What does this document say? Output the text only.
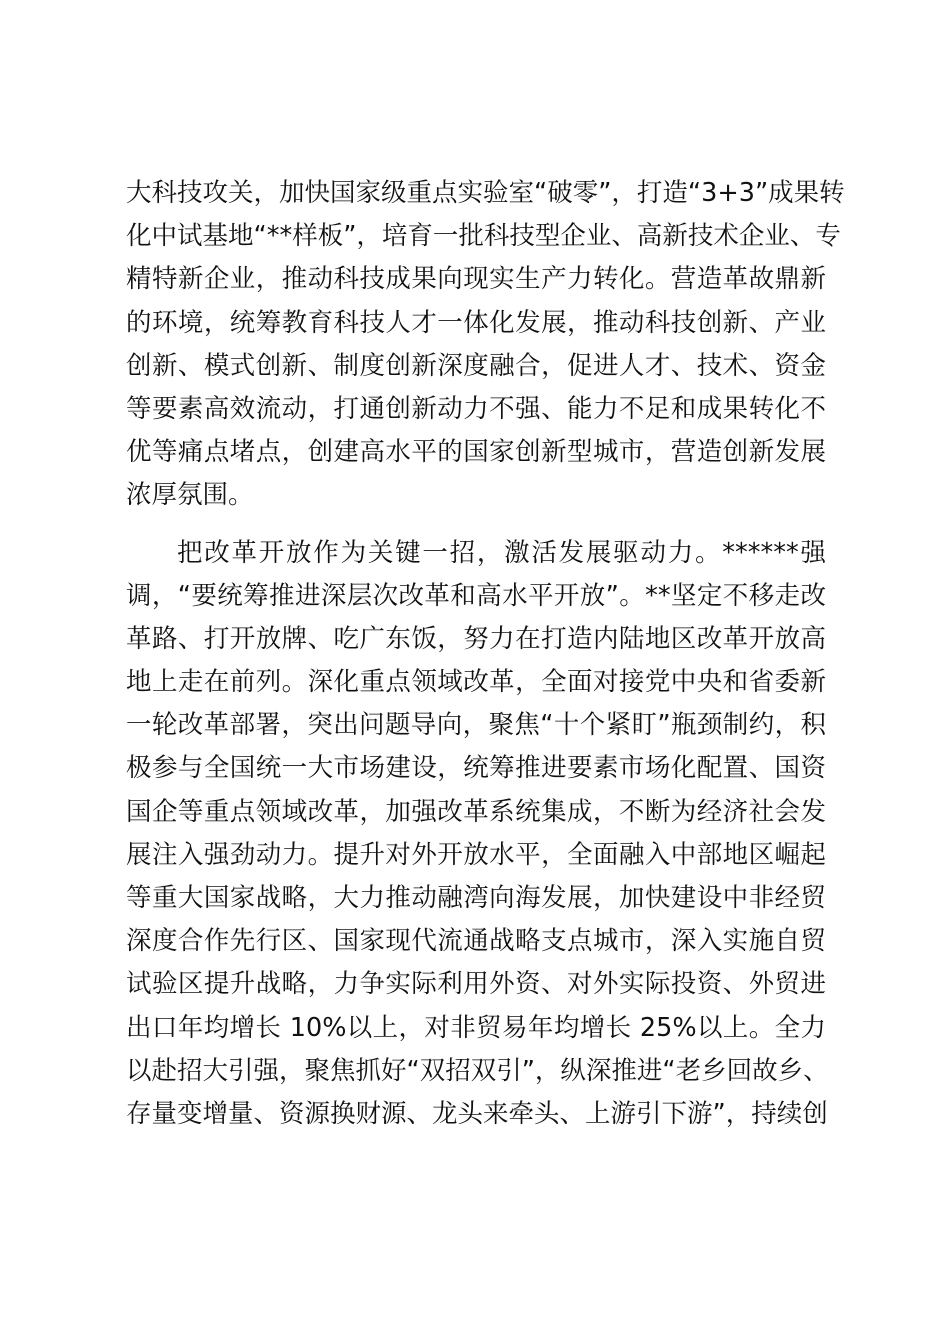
大科技攻关，加快国家级重点实验室“破零”，打造“3+3”成果转
化中试基地“**样板”，培育一批科技型企业、高新技术企业、专
精特新企业，推动科技成果向现实生产力转化。营造革故鼎新
的环境，统筹教育科技人才一体化发展，推动科技创新、产业
创新、模式创新、制度创新深度融合，促进人才、技术、资金
等要素高效流动，打通创新动力不强、能力不足和成果转化不
优等痛点堵点，创建高水平的国家创新型城市，营造创新发展
浓厚氛围。
把改革开放作为关键一招，激活发展驱动力。******强
调，“要统筹推进深层次改革和高水平开放”。**坚定不移走改
革路、打开放牌、吃广东饭，努力在打造内陆地区改革开放高
地上走在前列。深化重点领域改革，全面对接党中央和省委新
一轮改革部署，突出问题导向，聚焦“十个紧盯”瓶颈制约，积
极参与全国统一大市场建设，统筹推进要素市场化配置、国资
国企等重点领域改革，加强改革系统集成，不断为经济社会发
展注入强劲动力。提升对外开放水平，全面融入中部地区崛起
等重大国家战略，大力推动融湾向海发展，加快建设中非经贸
深度合作先行区、国家现代流通战略支点城市，深入实施自贸
试验区提升战略，力争实际利用外资、对外实际投资、外贸进
出口年均增长 10%以上，对非贸易年均增长 25%以上。全力
以赴招大引强，聚焦抓好“双招双引”，纵深推进“老乡回故乡、
存量变增量、资源换财源、龙头来牵头、上游引下游”，持续创
